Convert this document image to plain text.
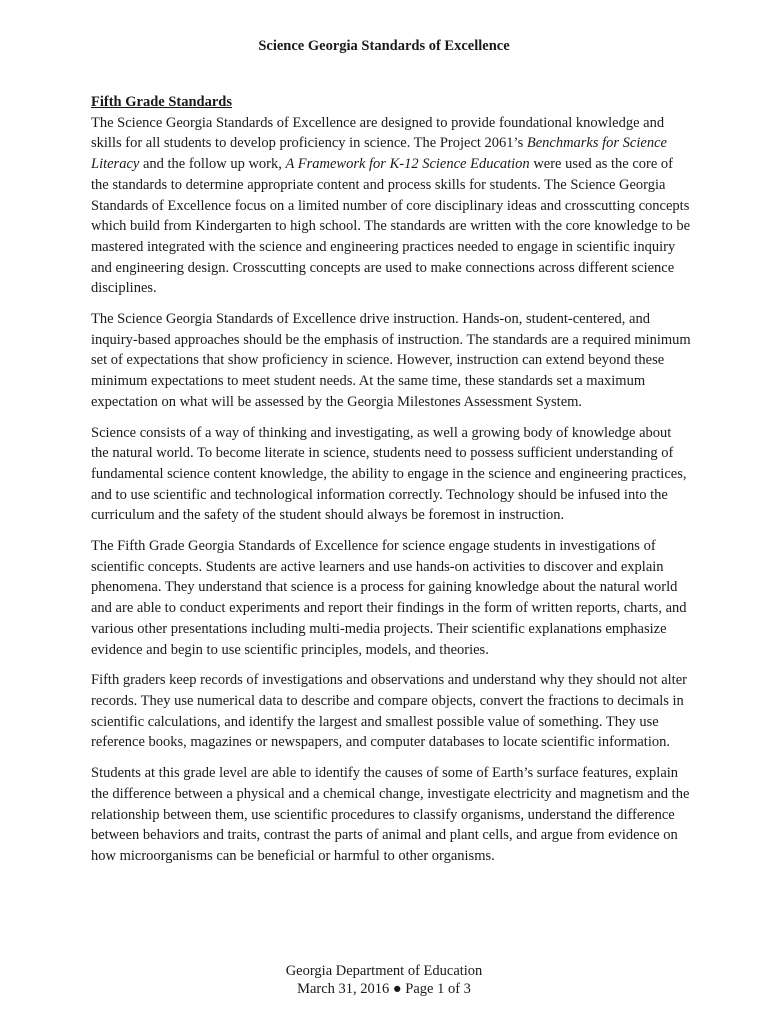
Science Georgia Standards of Excellence

Fifth Grade Standards

The Science Georgia Standards of Excellence are designed to provide foundational knowledge and skills for all students to develop proficiency in science. The Project 2061’s Benchmarks for Science Literacy and the follow up work, A Framework for K-12 Science Education were used as the core of the standards to determine appropriate content and process skills for students. The Science Georgia Standards of Excellence focus on a limited number of core disciplinary ideas and crosscutting concepts which build from Kindergarten to high school. The standards are written with the core knowledge to be mastered integrated with the science and engineering practices needed to engage in scientific inquiry and engineering design. Crosscutting concepts are used to make connections across different science disciplines.

The Science Georgia Standards of Excellence drive instruction. Hands-on, student-centered, and inquiry-based approaches should be the emphasis of instruction. The standards are a required minimum set of expectations that show proficiency in science. However, instruction can extend beyond these minimum expectations to meet student needs. At the same time, these standards set a maximum expectation on what will be assessed by the Georgia Milestones Assessment System.

Science consists of a way of thinking and investigating, as well a growing body of knowledge about the natural world. To become literate in science, students need to possess sufficient understanding of fundamental science content knowledge, the ability to engage in the science and engineering practices, and to use scientific and technological information correctly. Technology should be infused into the curriculum and the safety of the student should always be foremost in instruction.

The Fifth Grade Georgia Standards of Excellence for science engage students in investigations of scientific concepts. Students are active learners and use hands-on activities to discover and explain phenomena. They understand that science is a process for gaining knowledge about the natural world and are able to conduct experiments and report their findings in the form of written reports, charts, and various other presentations including multi-media projects. Their scientific explanations emphasize evidence and begin to use scientific principles, models, and theories.

Fifth graders keep records of investigations and observations and understand why they should not alter records. They use numerical data to describe and compare objects, convert the fractions to decimals in scientific calculations, and identify the largest and smallest possible value of something. They use reference books, magazines or newspapers, and computer databases to locate scientific information.

Students at this grade level are able to identify the causes of some of Earth’s surface features, explain the difference between a physical and a chemical change, investigate electricity and magnetism and the relationship between them, use scientific procedures to classify organisms, understand the difference between behaviors and traits, contrast the parts of animal and plant cells, and argue from evidence on how microorganisms can be beneficial or harmful to other organisms.

Georgia Department of Education
March 31, 2016 ● Page 1 of 3
